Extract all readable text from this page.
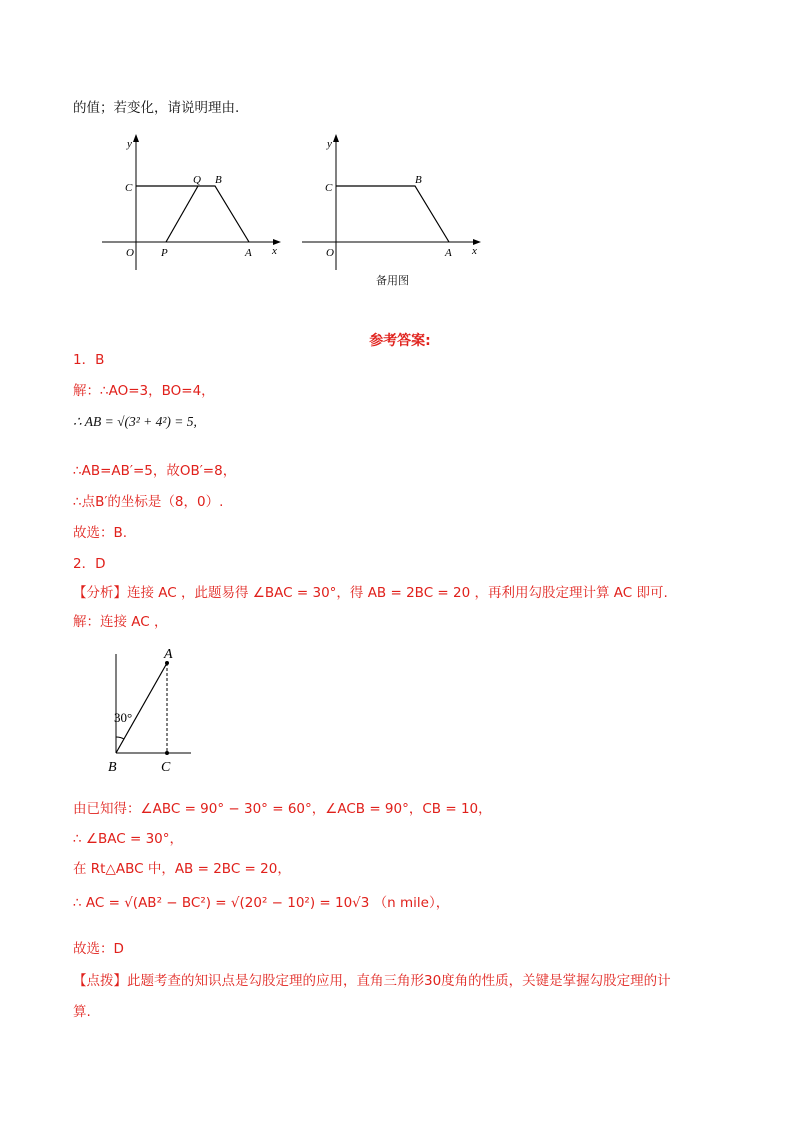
的值；若变化，请说明理由.
y
C
Q B
O P	A x
y
C
B
O	A x
备用图
参考答案:
1．B
解：∴AO=3，BO=4，
∴ AB = √(3² + 4²) = 5,
∴AB=AB′=5，故OB′=8，
∴点B′的坐标是（8，0）.
故选：B.
2．D
【分析】连接 AC ，此题易得 ∠BAC = 30°，得 AB = 2BC = 20 ，再利用勾股定理计算 AC 即可.
解：连接 AC ，
A
30°
B	C
由已知得：∠ABC = 90° − 30° = 60°，∠ACB = 90°，CB = 10，
∴ ∠BAC = 30°，
在 Rt△ABC 中，AB = 2BC = 20，
∴ AC = √(AB² − BC²) = √(20² − 10²) = 10√3 （n mile），
故选：D
【点拨】此题考查的知识点是勾股定理的应用，直角三角形30度角的性质，关键是掌握勾股定理的计
算.
